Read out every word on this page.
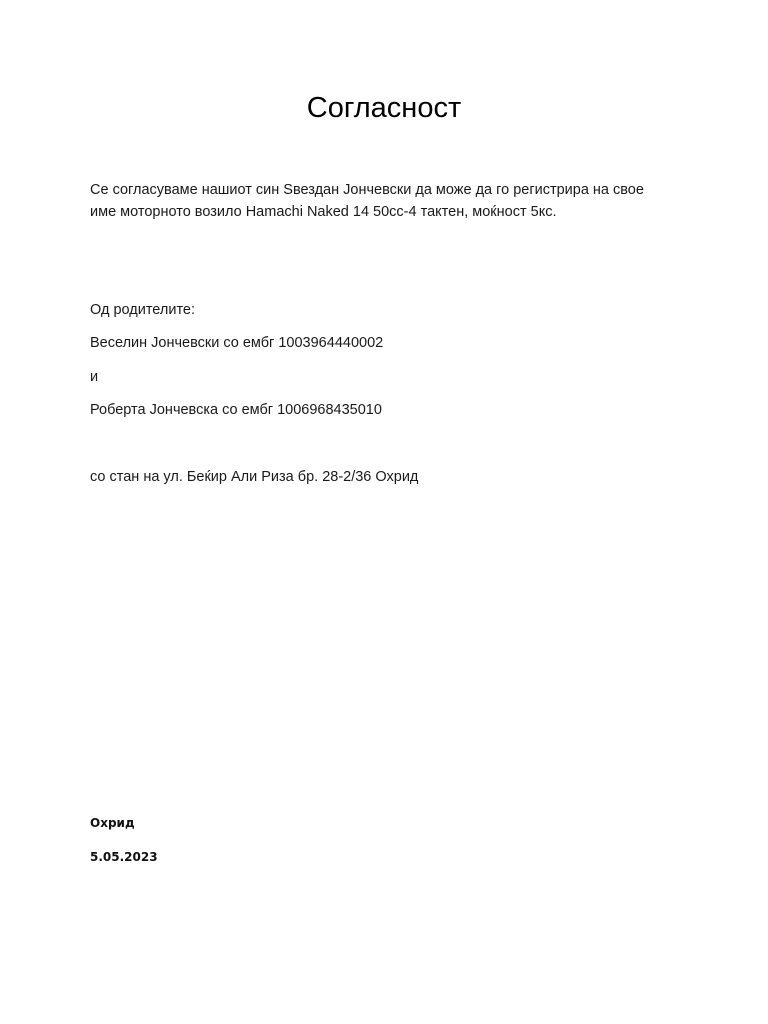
Согласност

Се согласуваме нашиот син Ѕвездан Јончевски да може да го регистрира на свое
име моторното возило Hamachi Naked 14 50cc-4 тактен, моќност 5кс.

Од родителите:

Веселин Јончевски со ембг 1003964440002

и

Роберта Јончевска со ембг 1006968435010

со стан на ул. Беќир Али Риза бр. 28-2/36 Охрид

Охрид

5.05.2023
